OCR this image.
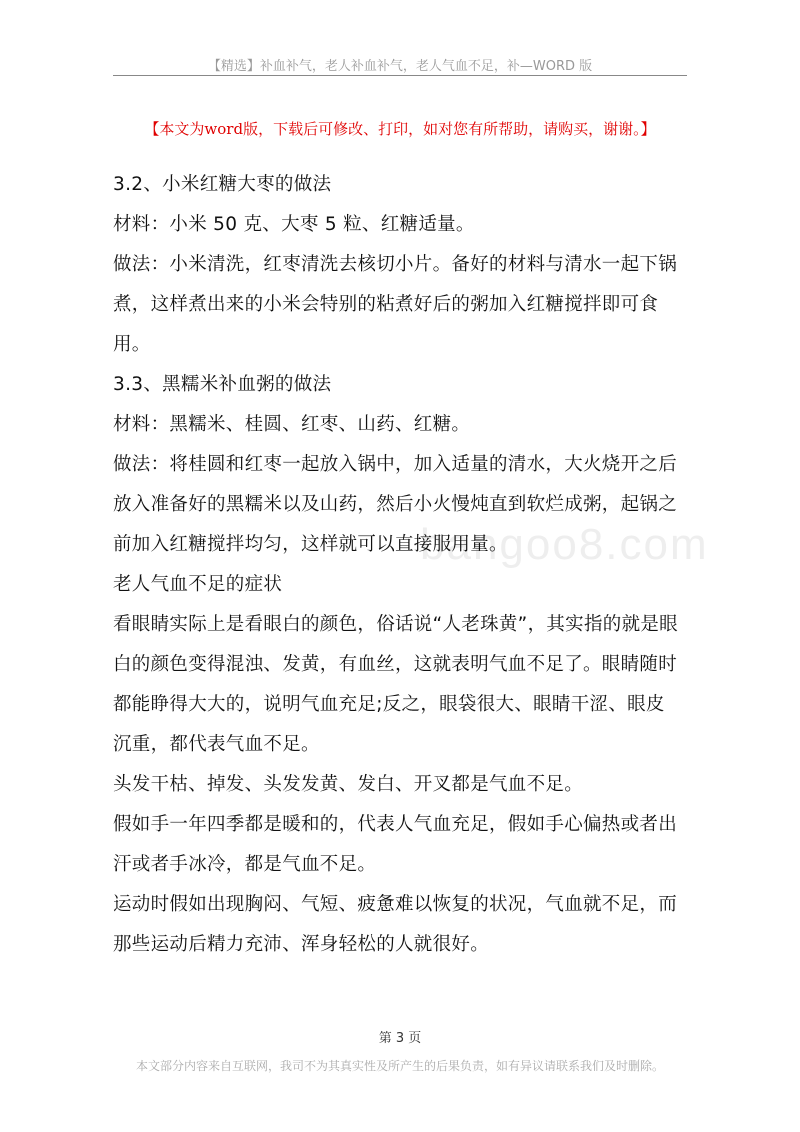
【精选】补血补气，老人补血补气，老人气血不足，补—WORD 版
【本文为word版，下载后可修改、打印，如对您有所帮助，请购买，谢谢。】
bangoo8.com
3.2、小米红糖大枣的做法
材料：小米 50 克、大枣 5 粒、红糖适量。
做法：小米清洗，红枣清洗去核切小片。备好的材料与清水一起下锅
煮，这样煮出来的小米会特别的粘煮好后的粥加入红糖搅拌即可食
用。
3.3、黑糯米补血粥的做法
材料：黑糯米、桂圆、红枣、山药、红糖。
做法：将桂圆和红枣一起放入锅中，加入适量的清水，大火烧开之后
放入准备好的黑糯米以及山药，然后小火慢炖直到软烂成粥，起锅之
前加入红糖搅拌均匀，这样就可以直接服用量。
老人气血不足的症状
看眼睛实际上是看眼白的颜色，俗话说“人老珠黄”，其实指的就是眼
白的颜色变得混浊、发黄，有血丝，这就表明气血不足了。眼睛随时
都能睁得大大的，说明气血充足;反之，眼袋很大、眼睛干涩、眼皮
沉重，都代表气血不足。
头发干枯、掉发、头发发黄、发白、开叉都是气血不足。
假如手一年四季都是暖和的，代表人气血充足，假如手心偏热或者出
汗或者手冰冷，都是气血不足。
运动时假如出现胸闷、气短、疲惫难以恢复的状况，气血就不足，而
那些运动后精力充沛、浑身轻松的人就很好。
第 3 页
本文部分内容来自互联网，我司不为其真实性及所产生的后果负责，如有异议请联系我们及时删除。
